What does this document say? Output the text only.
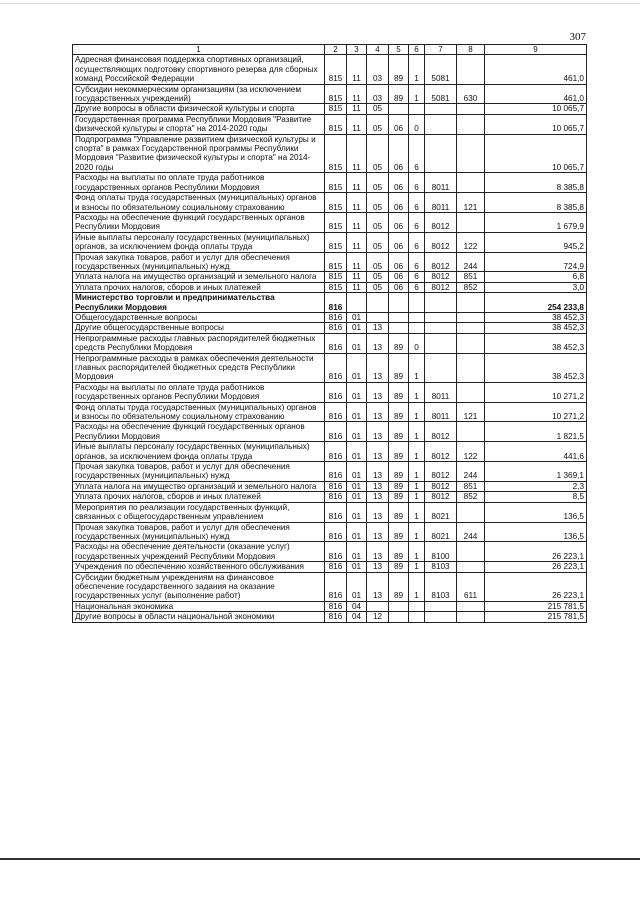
307
1	2	3	4	5	6	7	8	9
Адресная финансовая поддержка спортивных организаций, осуществляющих подготовку спортивного резерва для сборных команд Российской Федерации	815	11	03	89	1	5081		461,0
Субсидии некоммерческим организациям (за исключением государственных учреждений)	815	11	03	89	1	5081	630	461,0
Другие вопросы в области физической культуры и спорта	815	11	05					10 065,7
Государственная программа Республики Мордовия "Развитие физической культуры и спорта" на 2014-2020 годы	815	11	05	06	0			10 065,7
Подпрограмма "Управление развитием физической культуры и спорта" в рамках Государственной программы Республики Мордовия "Развитие физической культуры и спорта" на 2014-2020 годы	815	11	05	06	6			10 065,7
Расходы на выплаты по оплате труда работников государственных органов Республики Мордовия	815	11	05	06	6	8011		8 385,8
Фонд оплаты труда государственных (муниципальных) органов и взносы по обязательному социальному страхованию	815	11	05	06	6	8011	121	8 385,8
Расходы на обеспечение функций государственных органов Республики Мордовия	815	11	05	06	6	8012		1 679,9
Иные выплаты персоналу государственных (муниципальных) органов, за исключением фонда оплаты труда	815	11	05	06	6	8012	122	945,2
Прочая закупка товаров, работ и услуг для обеспечения государственных (муниципальных) нужд	815	11	05	06	6	8012	244	724,9
Уплата налога на имущество организаций и земельного налога	815	11	05	06	6	8012	851	6,8
Уплата прочих налогов, сборов и иных платежей	815	11	05	06	6	8012	852	3,0
Министерство торговли и предпринимательства Республики Мордовия	816							254 233,8
Общегосударственные вопросы	816	01						38 452,3
Другие общегосударственные вопросы	816	01	13					38 452,3
Непрограммные расходы главных распорядителей бюджетных средств Республики Мордовия	816	01	13	89	0			38 452,3
Непрограммные расходы в рамках обеспечения деятельности главных распорядителей бюджетных средств Республики Мордовия	816	01	13	89	1			38 452,3
Расходы на выплаты по оплате труда работников государственных органов Республики Мордовия	816	01	13	89	1	8011		10 271,2
Фонд оплаты труда государственных (муниципальных) органов и взносы по обязательному социальному страхованию	816	01	13	89	1	8011	121	10 271,2
Расходы на обеспечение функций государственных органов Республики Мордовия	816	01	13	89	1	8012		1 821,5
Иные выплаты персоналу государственных (муниципальных) органов, за исключением фонда оплаты труда	816	01	13	89	1	8012	122	441,6
Прочая закупка товаров, работ и услуг для обеспечения государственных (муниципальных) нужд	816	01	13	89	1	8012	244	1 369,1
Уплата налога на имущество организаций и земельного налога	816	01	13	89	1	8012	851	2,3
Уплата прочих налогов, сборов и иных платежей	816	01	13	89	1	8012	852	8,5
Мероприятия по реализации государственных функций, связанных с общегосударственным управлением	816	01	13	89	1	8021		136,5
Прочая закупка товаров, работ и услуг для обеспечения государственных (муниципальных) нужд	816	01	13	89	1	8021	244	136,5
Расходы на обеспечение деятельности (оказание услуг) государственных учреждений Республики Мордовия	816	01	13	89	1	8100		26 223,1
Учреждения по обеспечению хозяйственного обслуживания	816	01	13	89	1	8103		26 223,1
Субсидии бюджетным учреждениям на финансовое обеспечение государственного задания на оказание государственных услуг (выполнение работ)	816	01	13	89	1	8103	611	26 223,1
Национальная экономика	816	04						215 781,5
Другие вопросы в области национальной экономики	816	04	12					215 781,5
